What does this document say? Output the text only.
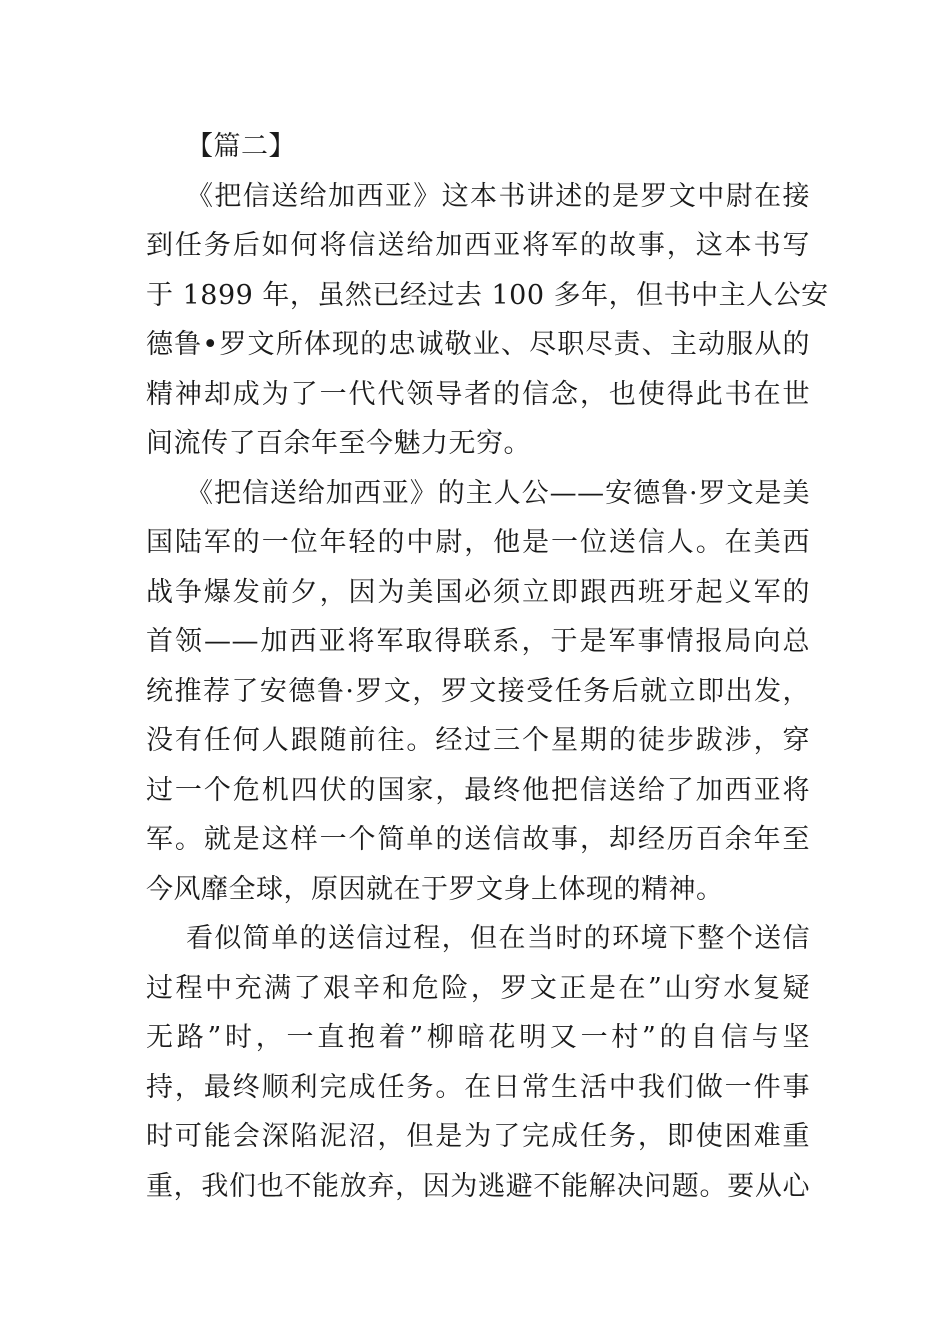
【篇二】
《把信送给加西亚》这本书讲述的是罗文中尉在接
到任务后如何将信送给加西亚将军的故事，这本书写
于 1899 年，虽然已经过去 100 多年，但书中主人公安
德鲁•罗文所体现的忠诚敬业、尽职尽责、主动服从的
精神却成为了一代代领导者的信念，也使得此书在世
间流传了百余年至今魅力无穷。
《把信送给加西亚》的主人公——安德鲁·罗文是美
国陆军的一位年轻的中尉，他是一位送信人。在美西
战争爆发前夕，因为美国必须立即跟西班牙起义军的
首领——加西亚将军取得联系，于是军事情报局向总
统推荐了安德鲁·罗文，罗文接受任务后就立即出发，
没有任何人跟随前往。经过三个星期的徒步跋涉，穿
过一个危机四伏的国家，最终他把信送给了加西亚将
军。就是这样一个简单的送信故事，却经历百余年至
今风靡全球，原因就在于罗文身上体现的精神。
看似简单的送信过程，但在当时的环境下整个送信
过程中充满了艰辛和危险，罗文正是在”山穷水复疑
无路”时，一直抱着”柳暗花明又一村”的自信与坚
持，最终顺利完成任务。在日常生活中我们做一件事
时可能会深陷泥沼，但是为了完成任务，即使困难重
重，我们也不能放弃，因为逃避不能解决问题。要从心
